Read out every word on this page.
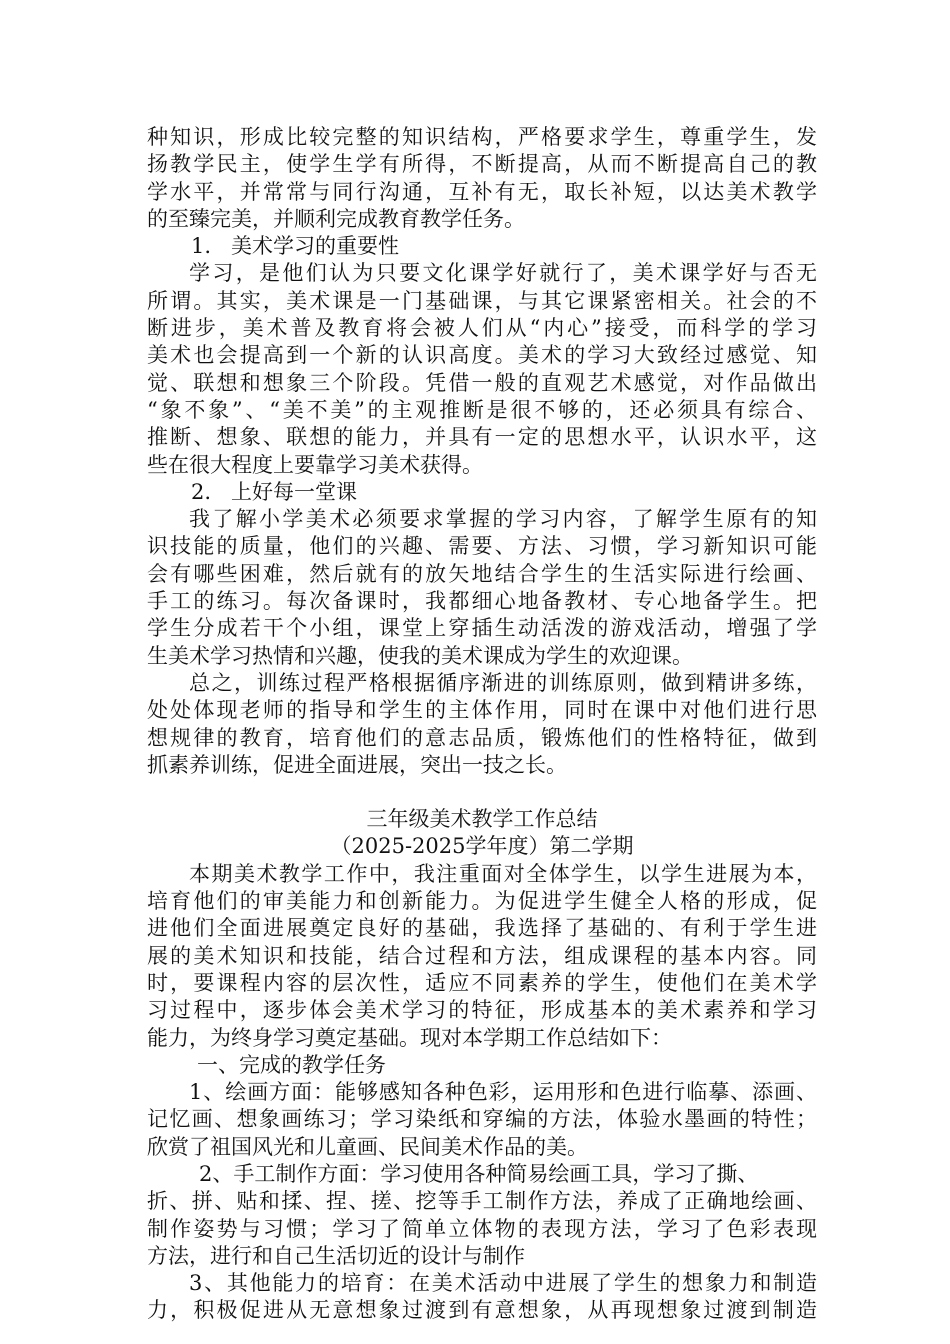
种知识，形成比较完整的知识结构，严格要求学生，尊重学生，发
扬教学民主，使学生学有所得，不断提高，从而不断提高自己的教
学水平，并常常与同行沟通，互补有无，取长补短，以达美术教学
的至臻完美，并顺利完成教育教学任务。
1.   美术学习的重要性
学习，是他们认为只要文化课学好就行了，美术课学好与否无
所谓。其实，美术课是一门基础课，与其它课紧密相关。社会的不
断进步，美术普及教育将会被人们从“内心”接受，而科学的学习
美术也会提高到一个新的认识高度。美术的学习大致经过感觉、知
觉、联想和想象三个阶段。凭借一般的直观艺术感觉，对作品做出
“象不象”、“美不美”的主观推断是很不够的，还必须具有综合、
推断、想象、联想的能力，并具有一定的思想水平，认识水平，这
些在很大程度上要靠学习美术获得。
2.   上好每一堂课
我了解小学美术必须要求掌握的学习内容，了解学生原有的知
识技能的质量，他们的兴趣、需要、方法、习惯，学习新知识可能
会有哪些困难，然后就有的放矢地结合学生的生活实际进行绘画、
手工的练习。每次备课时，我都细心地备教材、专心地备学生。把
学生分成若干个小组，课堂上穿插生动活泼的游戏活动，增强了学
生美术学习热情和兴趣，使我的美术课成为学生的欢迎课。
总之，训练过程严格根据循序渐进的训练原则，做到精讲多练，
处处体现老师的指导和学生的主体作用，同时在课中对他们进行思
想规律的教育，培育他们的意志品质，锻炼他们的性格特征，做到
抓素养训练，促进全面进展，突出一技之长。
三年级美术教学工作总结
（2025-2025学年度）第二学期
本期美术教学工作中，我注重面对全体学生，以学生进展为本，
培育他们的审美能力和创新能力。为促进学生健全人格的形成，促
进他们全面进展奠定良好的基础，我选择了基础的、有利于学生进
展的美术知识和技能，结合过程和方法，组成课程的基本内容。同
时，要课程内容的层次性，适应不同素养的学生，使他们在美术学
习过程中，逐步体会美术学习的特征，形成基本的美术素养和学习
能力，为终身学习奠定基础。现对本学期工作总结如下：
一、完成的教学任务
1、绘画方面：能够感知各种色彩，运用形和色进行临摹、添画、
记忆画、想象画练习；学习染纸和穿编的方法，体验水墨画的特性；
欣赏了祖国风光和儿童画、民间美术作品的美。
2、手工制作方面：学习使用各种简易绘画工具，学习了撕、
折、拼、贴和揉、捏、搓、挖等手工制作方法，养成了正确地绘画、
制作姿势与习惯；学习了简单立体物的表现方法，学习了色彩表现
方法，进行和自己生活切近的设计与制作
3、其他能力的培育：在美术活动中进展了学生的想象力和制造
力，积极促进从无意想象过渡到有意想象，从再现想象过渡到制造
